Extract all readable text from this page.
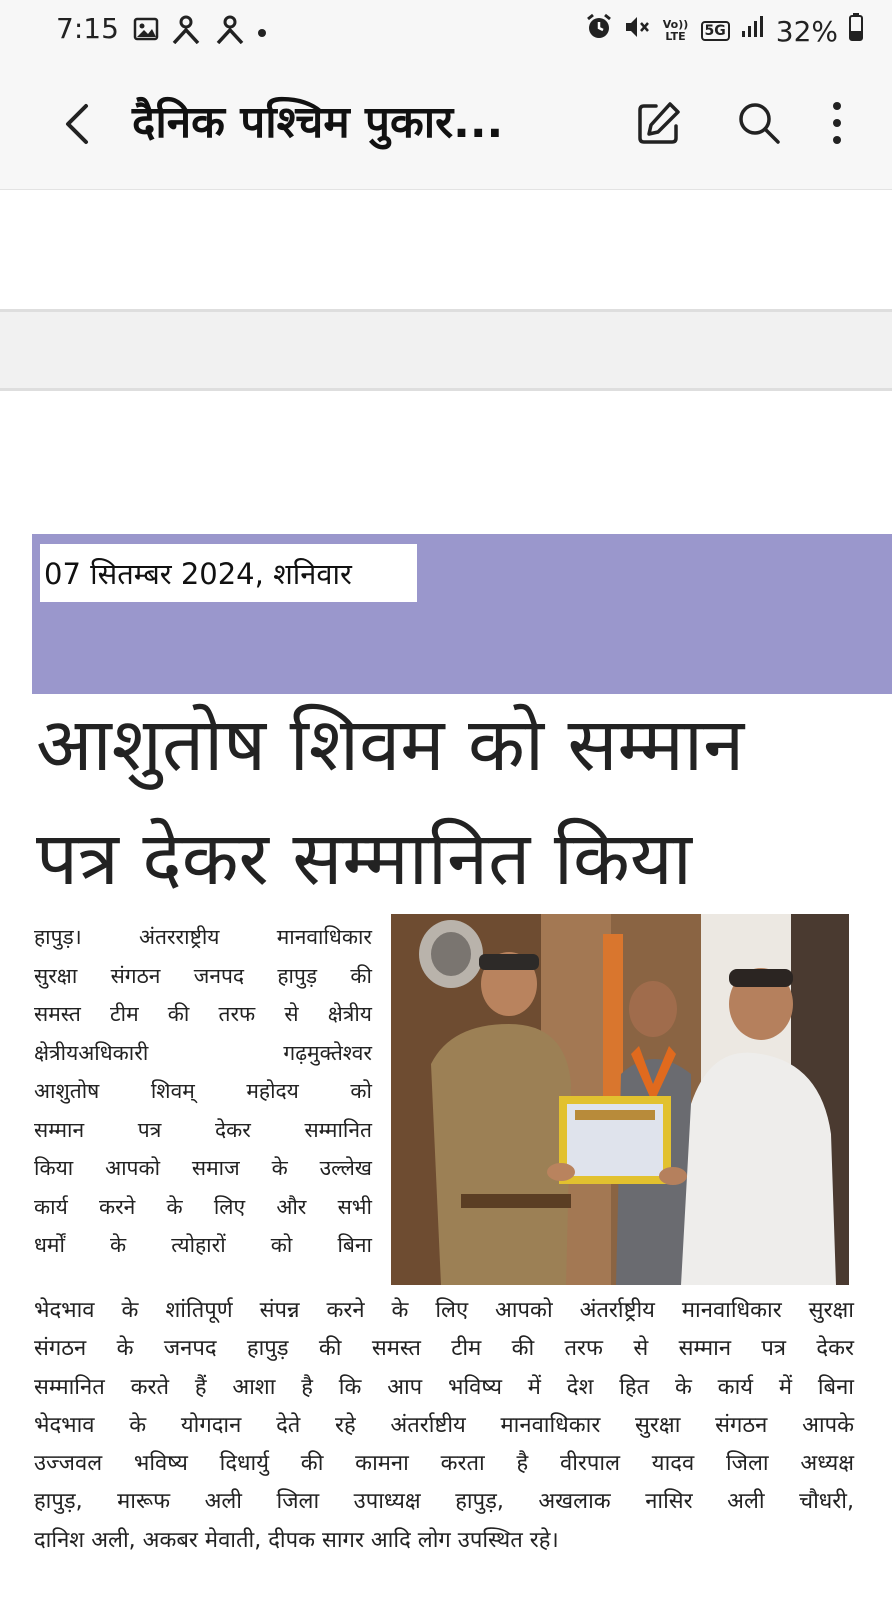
7:15	Vo)) LTE	5G 32%
दैनिक पश्चिम पुकार...
07 सितम्बर 2024, शनिवार
आशुतोष शिवम को सम्मान
पत्र देकर सम्मानित किया
हापुड़। अंतरराष्ट्रीय मानवाधिकार
सुरक्षा संगठन जनपद हापुड़ की
समस्त टीम की तरफ से क्षेत्रीय
क्षेत्रीयअधिकारी गढ़मुक्तेश्वर
आशुतोष शिवम् महोदय को
सम्मान पत्र देकर सम्मानित
किया आपको समाज के उल्लेख
कार्य करने के लिए और सभी
धर्मों के त्योहारों को बिना
भेदभाव के शांतिपूर्ण संपन्न करने के लिए आपको अंतर्राष्ट्रीय मानवाधिकार सुरक्षा
संगठन के जनपद हापुड़ की समस्त टीम की तरफ से सम्मान पत्र देकर
सम्मानित करते हैं आशा है कि आप भविष्य में देश हित के कार्य में बिना
भेदभाव के योगदान देते रहे अंतर्राष्टीय मानवाधिकार सुरक्षा संगठन आपके
उज्जवल भविष्य दिधार्यु की कामना करता है वीरपाल यादव जिला अध्यक्ष
हापुड़, मारूफ अली जिला उपाध्यक्ष हापुड़, अखलाक नासिर अली चौधरी,
दानिश अली, अकबर मेवाती, दीपक सागर आदि लोग उपस्थित रहे।
